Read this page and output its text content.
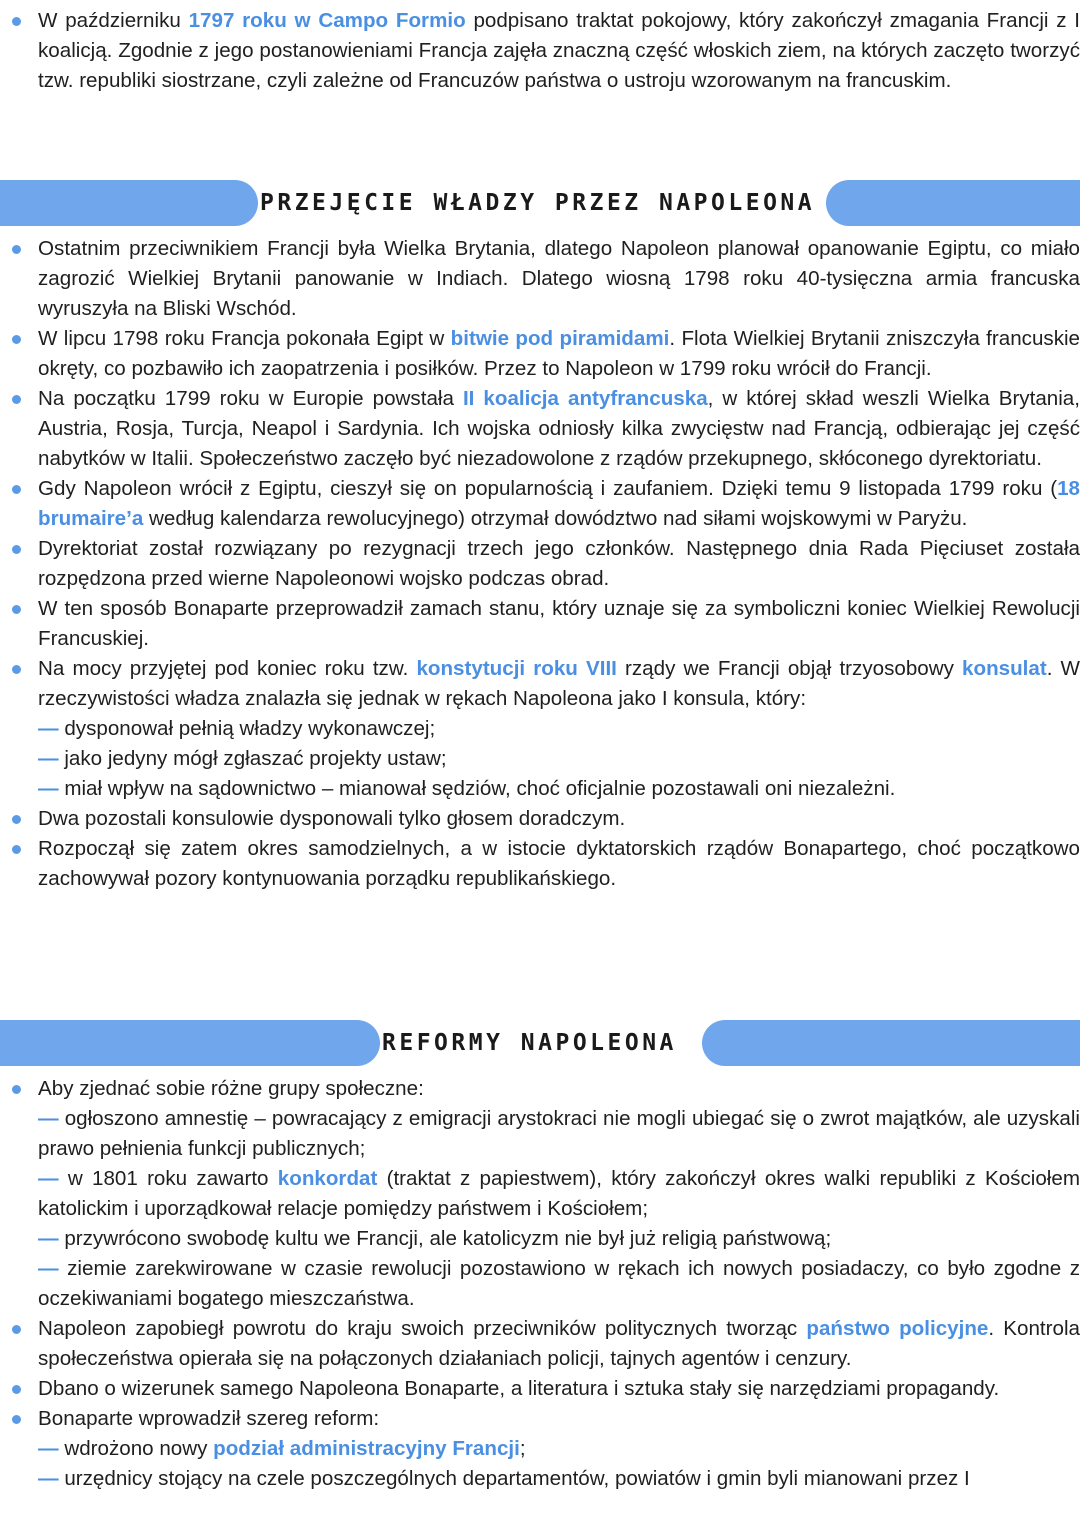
W październiku 1797 roku w Campo Formio podpisano traktat pokojowy, który zakończył zmagania Francji z I koalicją. Zgodnie z jego postanowieniami Francja zajęła znaczną część włoskich ziem, na których zaczęto tworzyć tzw. republiki siostrzane, czyli zależne od Francuzów państwa o ustroju wzorowanym na francuskim.
PRZEJĘCIE WŁADZY PRZEZ NAPOLEONA
Ostatnim przeciwnikiem Francji była Wielka Brytania, dlatego Napoleon planował opanowanie Egiptu, co miało zagrozić Wielkiej Brytanii panowanie w Indiach. Dlatego wiosną 1798 roku 40-tysięczna armia francuska wyruszyła na Bliski Wschód.
W lipcu 1798 roku Francja pokonała Egipt w bitwie pod piramidami. Flota Wielkiej Brytanii zniszczyła francuskie okręty, co pozbawiło ich zaopatrzenia i posiłków. Przez to Napoleon w 1799 roku wrócił do Francji.
Na początku 1799 roku w Europie powstała II koalicja antyfrancuska, w której skład weszli Wielka Brytania, Austria, Rosja, Turcja, Neapol i Sardynia. Ich wojska odniosły kilka zwycięstw nad Francją, odbierając jej część nabytków w Italii. Społeczeństwo zaczęło być niezadowolone z rządów przekupnego, skłóconego dyrektoriatu.
Gdy Napoleon wrócił z Egiptu, cieszył się on popularnością i zaufaniem. Dzięki temu 9 listopada 1799 roku (18 brumaire’a według kalendarza rewolucyjnego) otrzymał dowództwo nad siłami wojskowymi w Paryżu.
Dyrektoriat został rozwiązany po rezygnacji trzech jego członków. Następnego dnia Rada Pięciuset została rozpędzona przed wierne Napoleonowi wojsko podczas obrad.
W ten sposób Bonaparte przeprowadził zamach stanu, który uznaje się za symboliczni koniec Wielkiej Rewolucji Francuskiej.
Na mocy przyjętej pod koniec roku tzw. konstytucji roku VIII rządy we Francji objął trzyosobowy konsulat. W rzeczywistości władza znalazła się jednak w rękach Napoleona jako I konsula, który:
— dysponował pełnią władzy wykonawczej;
— jako jedyny mógł zgłaszać projekty ustaw;
— miał wpływ na sądownictwo – mianował sędziów, choć oficjalnie pozostawali oni niezależni.
Dwa pozostali konsulowie dysponowali tylko głosem doradczym.
Rozpoczął się zatem okres samodzielnych, a w istocie dyktatorskich rządów Bonapartego, choć początkowo zachowywał pozory kontynuowania porządku republikańskiego.
REFORMY NAPOLEONA
Aby zjednać sobie różne grupy społeczne:
— ogłoszono amnestię – powracający z emigracji arystokraci nie mogli ubiegać się o zwrot majątków, ale uzyskali prawo pełnienia funkcji publicznych;
— w 1801 roku zawarto konkordat (traktat z papiestwem), który zakończył okres walki republiki z Kościołem katolickim i uporządkował relacje pomiędzy państwem i Kościołem;
— przywrócono swobodę kultu we Francji, ale katolicyzm nie był już religią państwową;
— ziemie zarekwirowane w czasie rewolucji pozostawiono w rękach ich nowych posiadaczy, co było zgodne z oczekiwaniami bogatego mieszczaństwa.
Napoleon zapobiegł powrotu do kraju swoich przeciwników politycznych tworząc państwo policyjne. Kontrola społeczeństwa opierała się na połączonych działaniach policji, tajnych agentów i cenzury.
Dbano o wizerunek samego Napoleona Bonaparte, a literatura i sztuka stały się narzędziami propagandy.
Bonaparte wprowadził szereg reform:
— wdrożono nowy podział administracyjny Francji;
— urzędnicy stojący na czele poszczególnych departamentów, powiatów i gmin byli mianowani przez I
